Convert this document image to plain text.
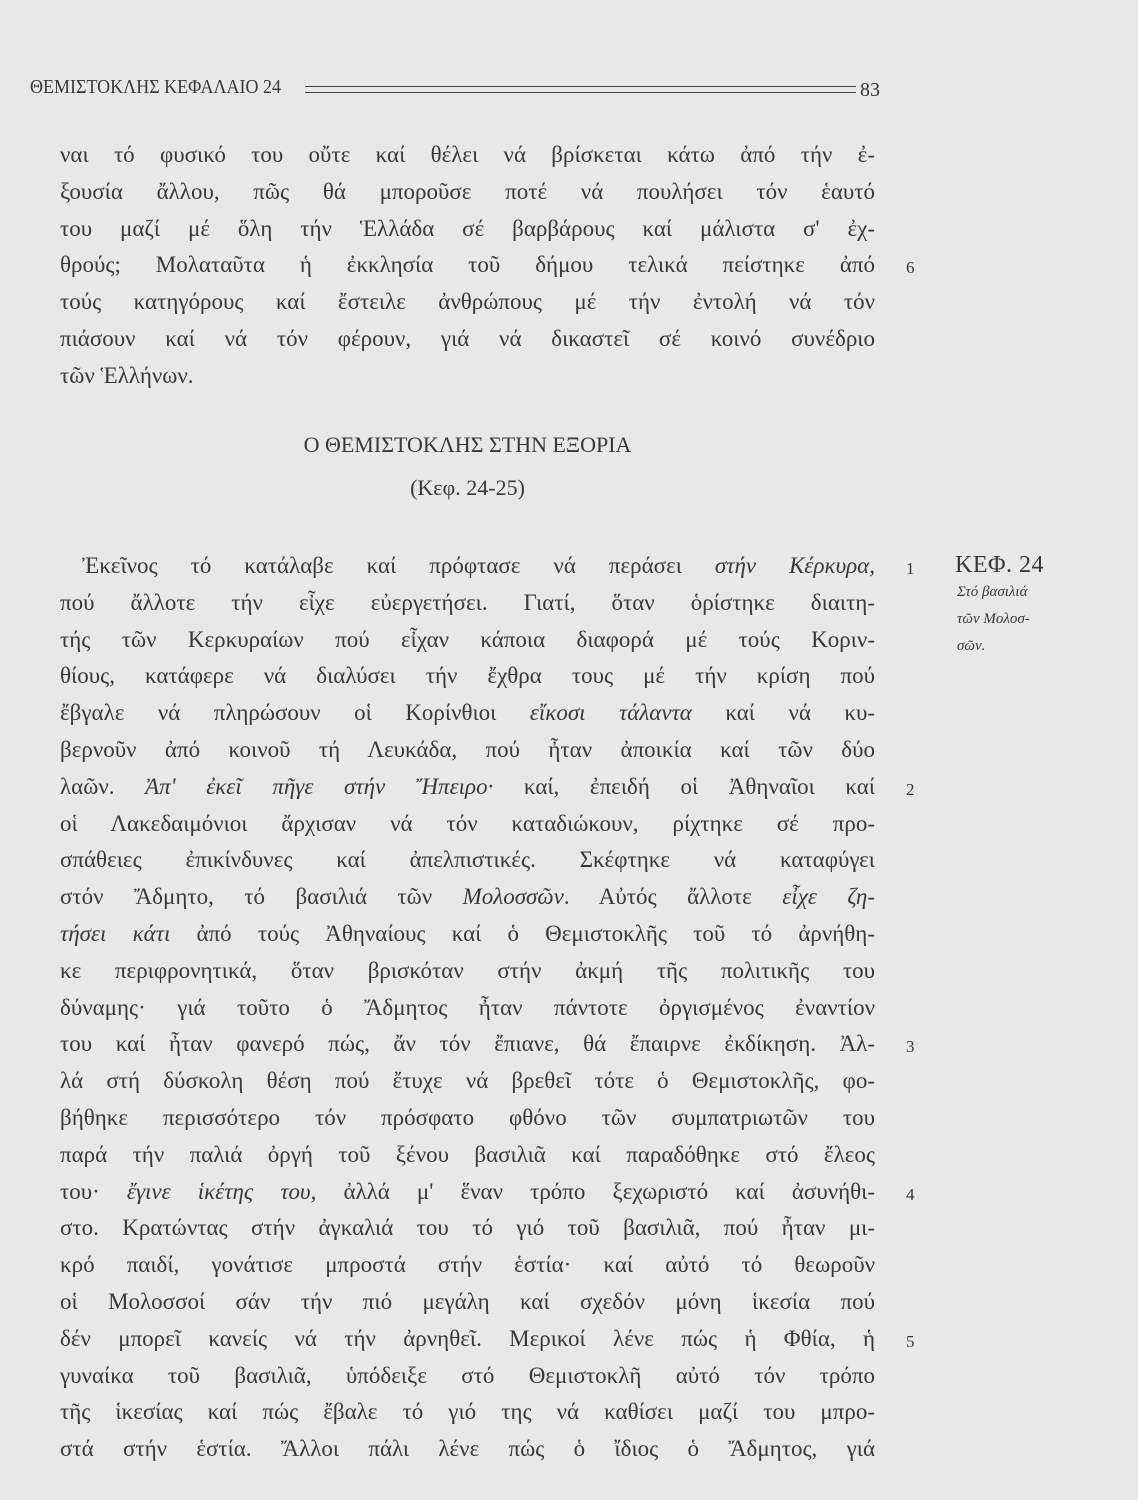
ΘΕΜΙΣΤΟΚΛΗΣ ΚΕΦΑΛΑΙΟ 24	83
ναι τό φυσικό του οὔτε καί θέλει νά βρίσκεται κάτω ἀπό τήν ἐ-
ξουσία ἄλλου, πῶς θά μποροῦσε ποτέ νά πουλήσει τόν ἑαυτό
του μαζί μέ ὅλη τήν Ἑλλάδα σέ βαρβάρους καί μάλιστα σ' ἐχ-
θρούς; Μολαταῦτα ἡ ἐκκλησία τοῦ δήμου τελικά πείστηκε ἀπό 6
τούς κατηγόρους καί ἔστειλε ἀνθρώπους μέ τήν ἐντολή νά τόν
πιάσουν καί νά τόν φέρουν, γιά νά δικαστεῖ σέ κοινό συνέδριο
τῶν Ἑλλήνων.
Ο ΘΕΜΙΣΤΟΚΛΗΣ ΣΤΗΝ ΕΞΟΡΙΑ
(Κεφ. 24-25)
Ἐκεῖνος τό κατάλαβε καί πρόφτασε νά περάσει στήν Κέρκυρα, 1
πού ἄλλοτε τήν εἶχε εὐεργετήσει. Γιατί, ὅταν ὁρίστηκε διαιτη-
τής τῶν Κερκυραίων πού εἶχαν κάποια διαφορά μέ τούς Κοριν-
θίους, κατάφερε νά διαλύσει τήν ἔχθρα τους μέ τήν κρίση πού
ἔβγαλε νά πληρώσουν οἱ Κορίνθιοι εἴκοσι τάλαντα καί νά κυ-
βερνοῦν ἀπό κοινοῦ τή Λευκάδα, πού ἦταν ἀποικία καί τῶν δύο
λαῶν. Ἀπ' ἐκεῖ πῆγε στήν Ἤπειρο· καί, ἐπειδή οἱ Ἀθηναῖοι καί 2
οἱ Λακεδαιμόνιοι ἄρχισαν νά τόν καταδιώκουν, ρίχτηκε σέ προ-
σπάθειες ἐπικίνδυνες καί ἀπελπιστικές. Σκέφτηκε νά καταφύγει
στόν Ἄδμητο, τό βασιλιά τῶν Μολοσσῶν. Αὐτός ἄλλοτε εἶχε ζη-
τήσει κάτι ἀπό τούς Ἀθηναίους καί ὁ Θεμιστοκλῆς τοῦ τό ἀρνήθη-
κε περιφρονητικά, ὅταν βρισκόταν στήν ἀκμή τῆς πολιτικῆς του
δύναμης· γιά τοῦτο ὁ Ἄδμητος ἦταν πάντοτε ὀργισμένος ἐναντίον
του καί ἦταν φανερό πώς, ἄν τόν ἔπιανε, θά ἔπαιρνε ἐκδίκηση. Ἀλ- 3
λά στή δύσκολη θέση πού ἔτυχε νά βρεθεῖ τότε ὁ Θεμιστοκλῆς, φο-
βήθηκε περισσότερο τόν πρόσφατο φθόνο τῶν συμπατριωτῶν του
παρά τήν παλιά ὀργή τοῦ ξένου βασιλιᾶ καί παραδόθηκε στό ἔλεος
του· ἔγινε ἱκέτης του, ἀλλά μ' ἕναν τρόπο ξεχωριστό καί ἀσυνήθι- 4
στο. Κρατώντας στήν ἀγκαλιά του τό γιό τοῦ βασιλιᾶ, πού ἦταν μι-
κρό παιδί, γονάτισε μπροστά στήν ἑστία· καί αὐτό τό θεωροῦν
οἱ Μολοσσοί σάν τήν πιό μεγάλη καί σχεδόν μόνη ἱκεσία πού
δέν μπορεῖ κανείς νά τήν ἀρνηθεῖ. Μερικοί λένε πώς ἡ Φθία, ἡ 5
γυναίκα τοῦ βασιλιᾶ, ὑπόδειξε στό Θεμιστοκλῆ αὐτό τόν τρόπο
τῆς ἱκεσίας καί πώς ἔβαλε τό γιό της νά καθίσει μαζί του μπρο-
στά στήν ἑστία. Ἄλλοι πάλι λένε πώς ὁ ἴδιος ὁ Ἄδμητος, γιά
ΚΕΦ. 24
Στό βασιλιά
τῶν Μολοσ-
σῶν.
